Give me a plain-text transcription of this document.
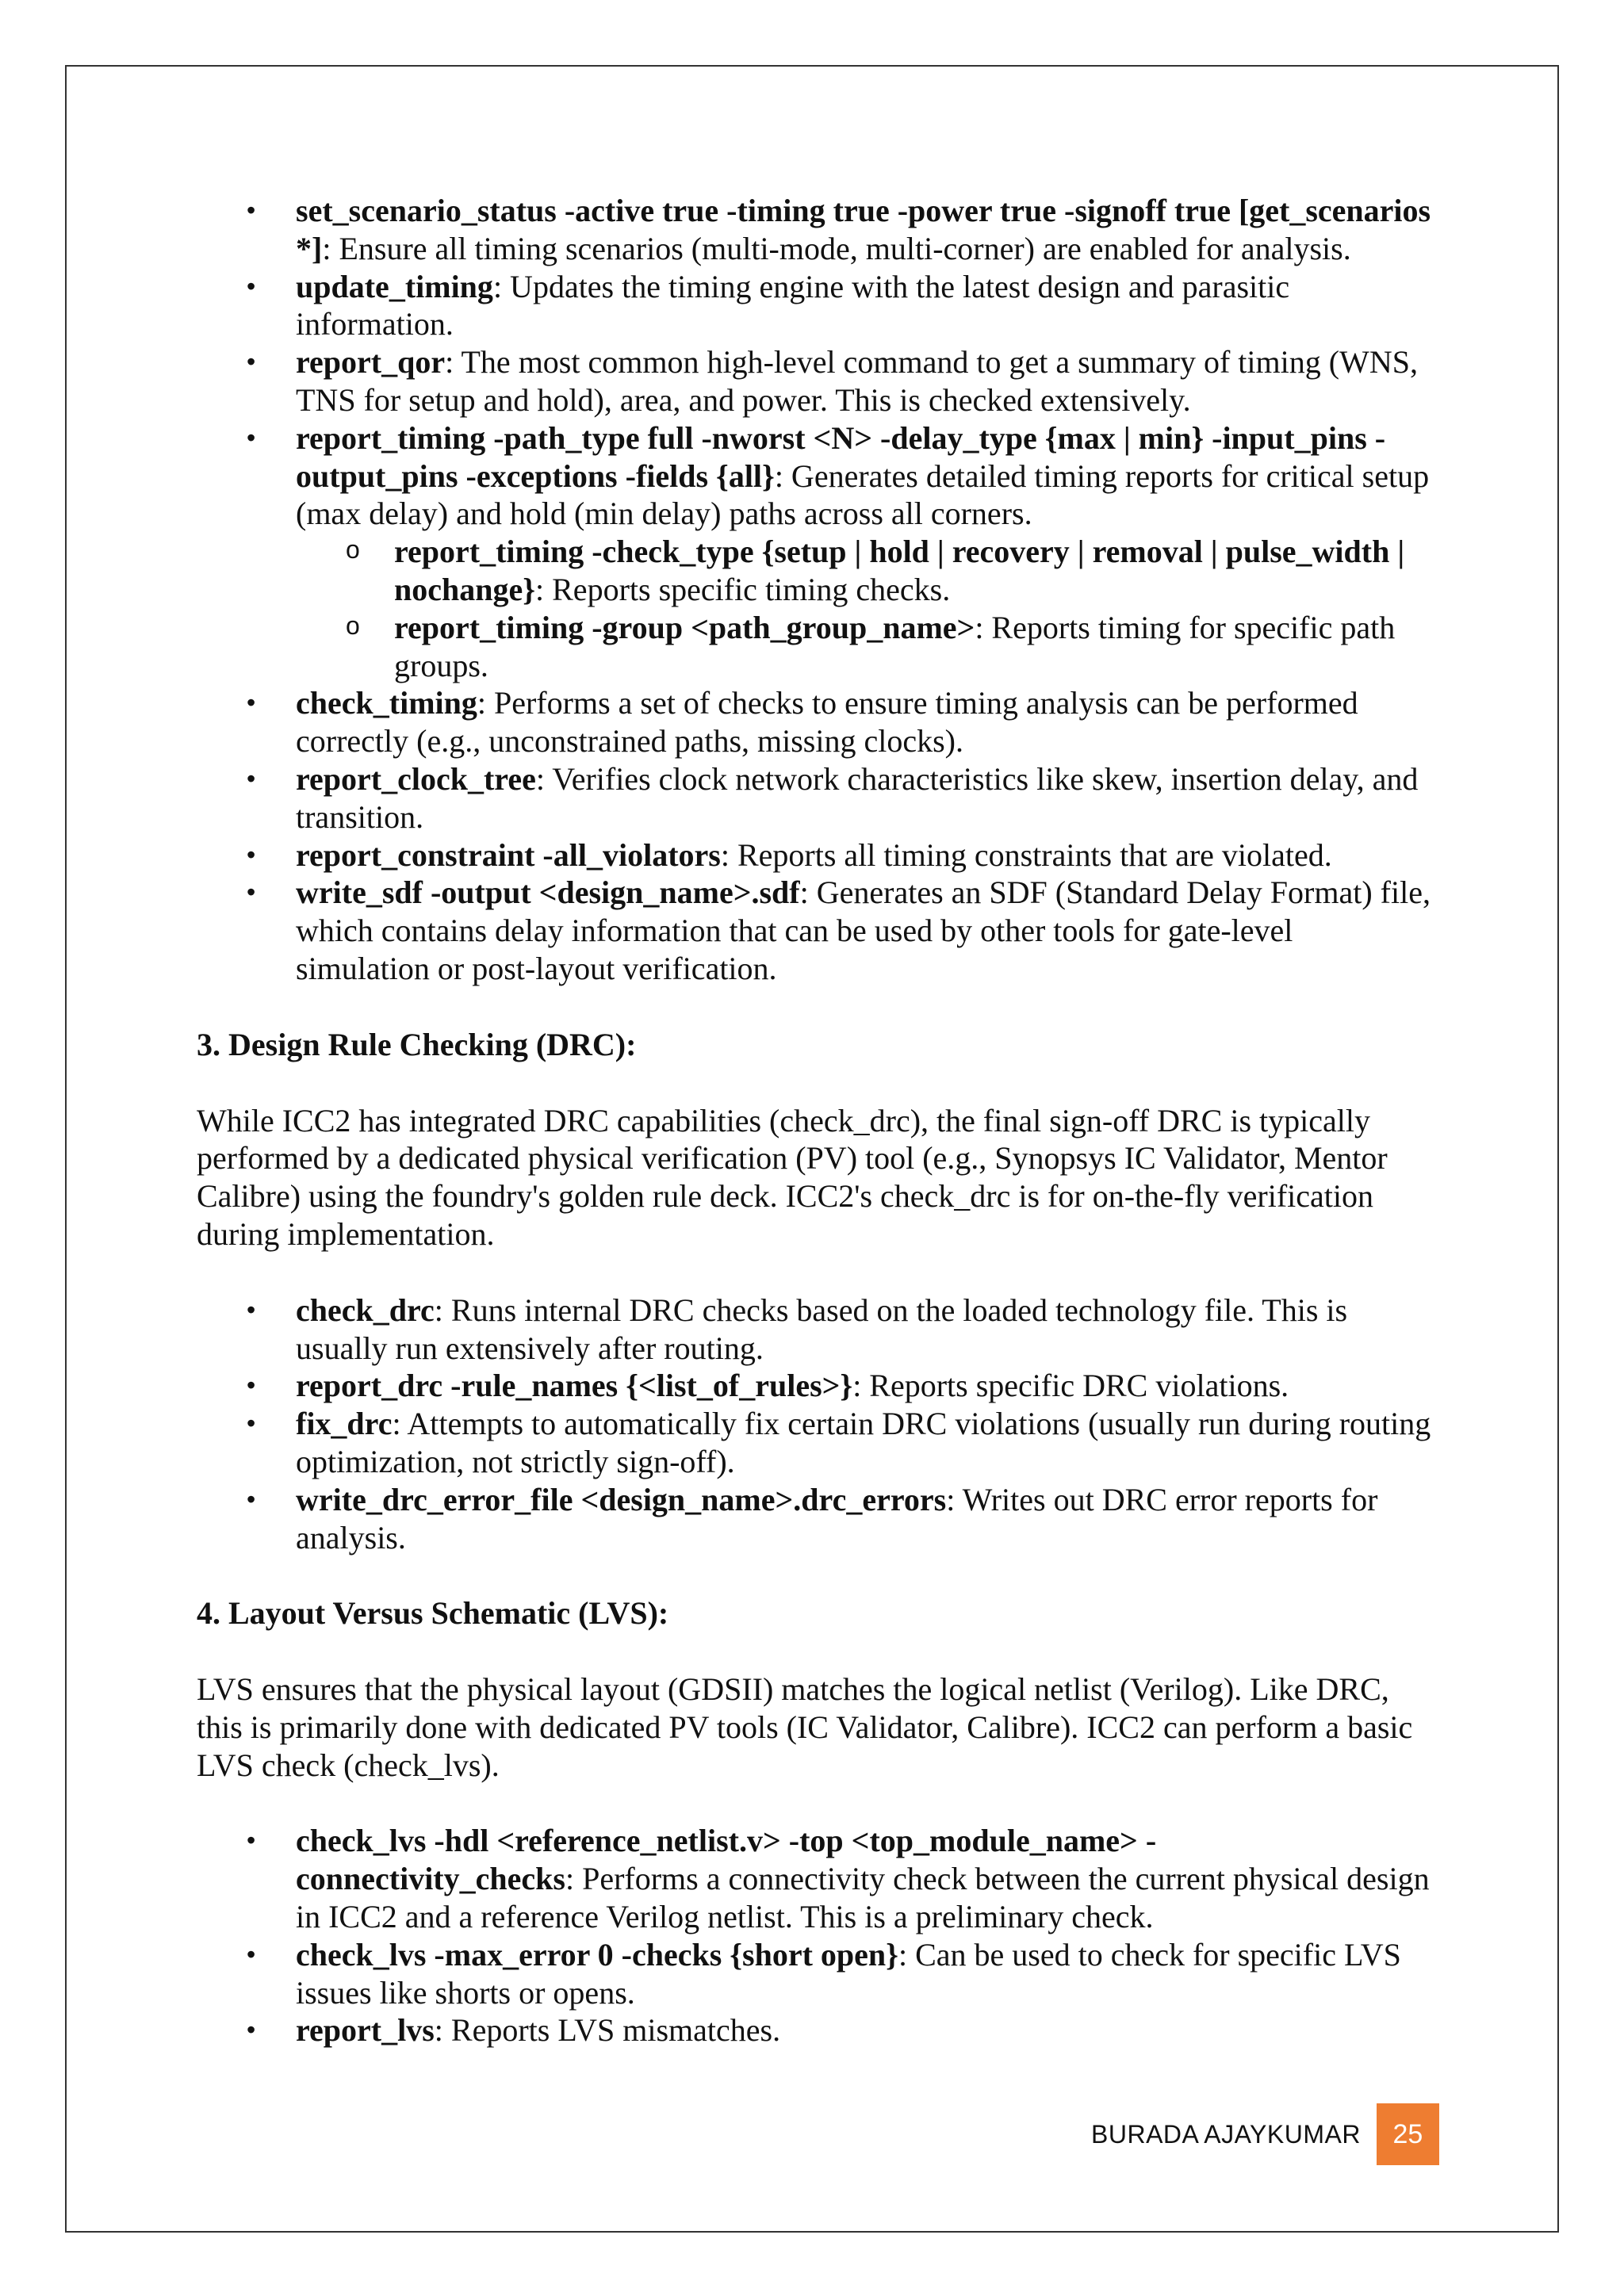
• set_scenario_status -active true -timing true -power true -signoff true [get_scenarios *]: Ensure all timing scenarios (multi-mode, multi-corner) are enabled for analysis.
• update_timing: Updates the timing engine with the latest design and parasitic information.
• report_qor: The most common high-level command to get a summary of timing (WNS, TNS for setup and hold), area, and power. This is checked extensively.
• report_timing -path_type full -nworst <N> -delay_type {max | min} -input_pins -output_pins -exceptions -fields {all}: Generates detailed timing reports for critical setup (max delay) and hold (min delay) paths across all corners.
o report_timing -check_type {setup | hold | recovery | removal | pulse_width | nochange}: Reports specific timing checks.
o report_timing -group <path_group_name>: Reports timing for specific path groups.
• check_timing: Performs a set of checks to ensure timing analysis can be performed correctly (e.g., unconstrained paths, missing clocks).
• report_clock_tree: Verifies clock network characteristics like skew, insertion delay, and transition.
• report_constraint -all_violators: Reports all timing constraints that are violated.
• write_sdf -output <design_name>.sdf: Generates an SDF (Standard Delay Format) file, which contains delay information that can be used by other tools for gate-level simulation or post-layout verification.
3. Design Rule Checking (DRC):
While ICC2 has integrated DRC capabilities (check_drc), the final sign-off DRC is typically performed by a dedicated physical verification (PV) tool (e.g., Synopsys IC Validator, Mentor Calibre) using the foundry's golden rule deck. ICC2's check_drc is for on-the-fly verification during implementation.
• check_drc: Runs internal DRC checks based on the loaded technology file. This is usually run extensively after routing.
• report_drc -rule_names {<list_of_rules>}: Reports specific DRC violations.
• fix_drc: Attempts to automatically fix certain DRC violations (usually run during routing optimization, not strictly sign-off).
• write_drc_error_file <design_name>.drc_errors: Writes out DRC error reports for analysis.
4. Layout Versus Schematic (LVS):
LVS ensures that the physical layout (GDSII) matches the logical netlist (Verilog). Like DRC, this is primarily done with dedicated PV tools (IC Validator, Calibre). ICC2 can perform a basic LVS check (check_lvs).
• check_lvs -hdl <reference_netlist.v> -top <top_module_name> -connectivity_checks: Performs a connectivity check between the current physical design in ICC2 and a reference Verilog netlist. This is a preliminary check.
• check_lvs -max_error 0 -checks {short open}: Can be used to check for specific LVS issues like shorts or opens.
• report_lvs: Reports LVS mismatches.
BURADA AJAYKUMAR	25
